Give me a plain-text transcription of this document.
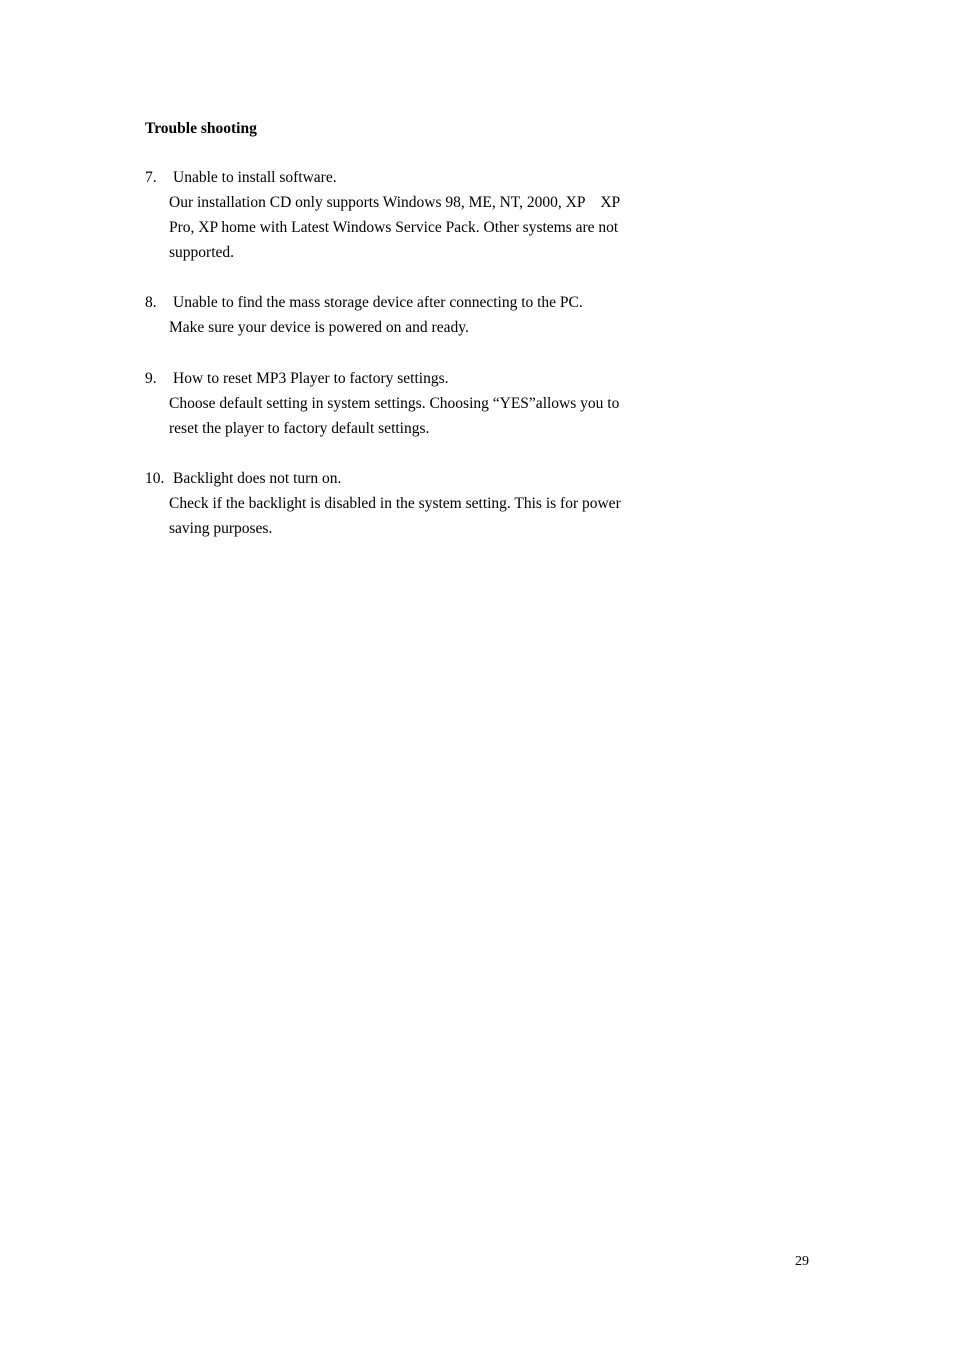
Trouble shooting
7. Unable to install software.
Our installation CD only supports Windows 98, ME, NT, 2000, XP　XP
Pro, XP home with Latest Windows Service Pack. Other systems are not
supported.
8. Unable to find the mass storage device after connecting to the PC.
Make sure your device is powered on and ready.
9. How to reset MP3 Player to factory settings.
Choose default setting in system settings. Choosing “YES”allows you to
reset the player to factory default settings.
10. Backlight does not turn on.
Check if the backlight is disabled in the system setting. This is for power
saving purposes.
29
